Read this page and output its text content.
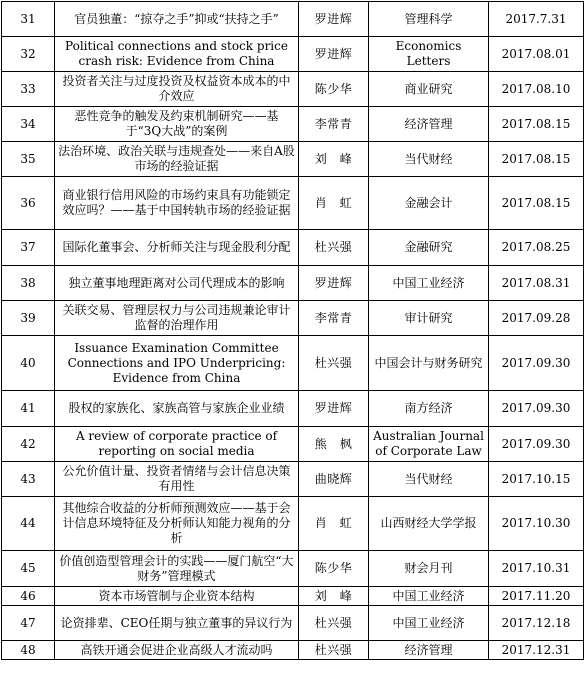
31	官员独董：“掠夺之手”抑或“扶持之手”	罗进辉	管理科学	2017.7.31
32	Political connections and stock price crash risk: Evidence from China	罗进辉	Economics Letters	2017.08.01
33	投资者关注与过度投资及权益资本成本的中介效应	陈少华	商业研究	2017.08.10
34	恶性竞争的触发及约束机制研究——基于“3Q大战”的案例	李常青	经济管理	2017.08.15
35	法治环境、政治关联与违规查处——来自A股市场的经验证据	刘　峰	当代财经	2017.08.15
36	商业银行信用风险的市场约束具有功能锁定效应吗？——基于中国转轨市场的经验证据	肖　虹	金融会计	2017.08.15
37	国际化董事会、分析师关注与现金股利分配	杜兴强	金融研究	2017.08.25
38	独立董事地理距离对公司代理成本的影响	罗进辉	中国工业经济	2017.08.31
39	关联交易、管理层权力与公司违规兼论审计监督的治理作用	李常青	审计研究	2017.09.28
40	Issuance Examination Committee Connections and IPO Underpricing: Evidence from China	杜兴强	中国会计与财务研究	2017.09.30
41	股权的家族化、家族高管与家族企业业绩	罗进辉	南方经济	2017.09.30
42	A review of corporate practice of reporting on social media	熊　枫	Australian Journal of Corporate Law	2017.09.30
43	公允价值计量、投资者情绪与会计信息决策有用性	曲晓辉	当代财经	2017.10.15
44	其他综合收益的分析师预测效应——基于会计信息环境特征及分析师认知能力视角的分析	肖　虹	山西财经大学学报	2017.10.30
45	价值创造型管理会计的实践——厦门航空“大财务”管理模式	陈少华	财会月刊	2017.10.31
46	资本市场管制与企业资本结构	刘　峰	中国工业经济	2017.11.20
47	论资排辈、CEO任期与独立董事的异议行为	杜兴强	中国工业经济	2017.12.18
48	高铁开通会促进企业高级人才流动吗	杜兴强	经济管理	2017.12.31
